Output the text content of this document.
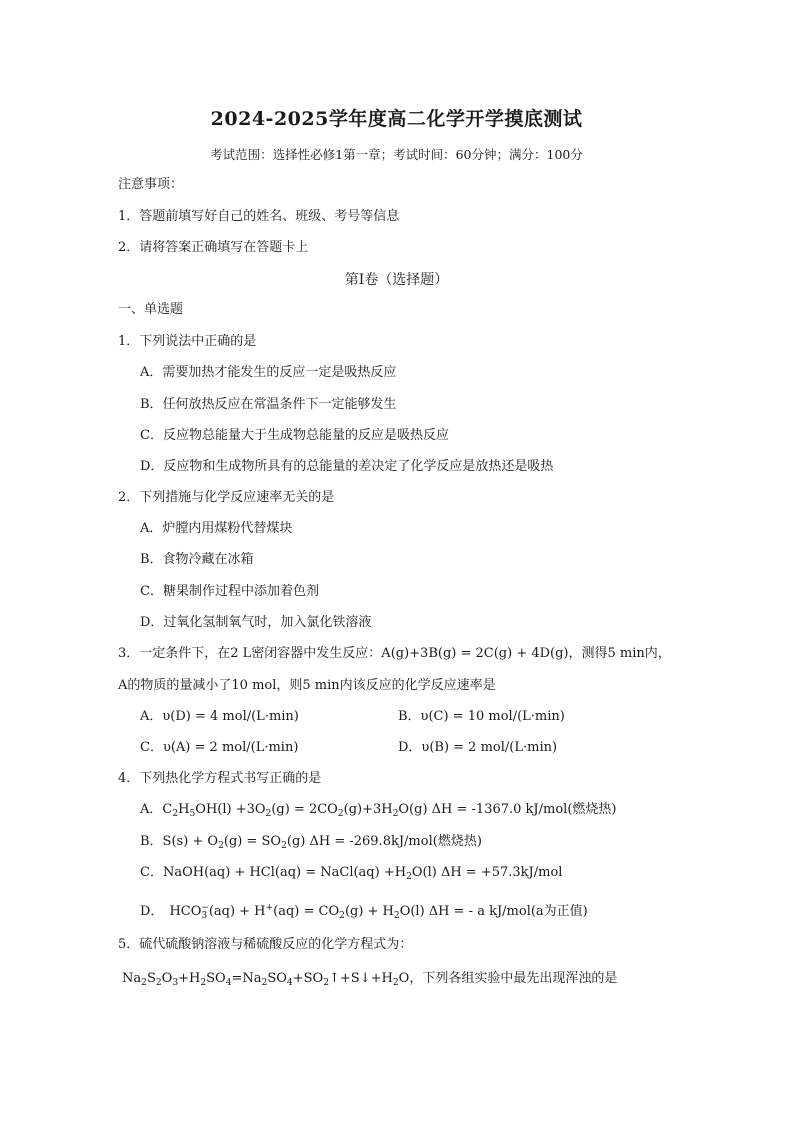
2024-2025学年度高二化学开学摸底测试
考试范围：选择性必修1第一章；考试时间：60分钟；满分：100分
注意事项：
1．答题前填写好自己的姓名、班级、考号等信息
2．请将答案正确填写在答题卡上
第I卷（选择题）
一、单选题
1．下列说法中正确的是
A．需要加热才能发生的反应一定是吸热反应
B．任何放热反应在常温条件下一定能够发生
C．反应物总能量大于生成物总能量的反应是吸热反应
D．反应物和生成物所具有的总能量的差决定了化学反应是放热还是吸热
2．下列措施与化学反应速率无关的是
A．炉膛内用煤粉代替煤块
B．食物冷藏在冰箱
C．糖果制作过程中添加着色剂
D．过氧化氢制氧气时，加入氯化铁溶液
3．一定条件下，在2 L密闭容器中发生反应：A(g)+3B(g) = 2C(g) + 4D(g)，测得5 min内，
A的物质的量减小了10 mol，则5 min内该反应的化学反应速率是
A．υ(D) = 4 mol/(L·min)	B．υ(C) = 10 mol/(L·min)
C．υ(A) = 2 mol/(L·min)	D．υ(B) = 2 mol/(L·min)
4．下列热化学方程式书写正确的是
A．$C_2H_5OH(l) +3O_2(g) = 2CO_2(g)+3H_2O(g) \Delta H = -1367.0$ kJ/mol(燃烧热)
B．$S(s) + O_2(g) = SO_2(g) \Delta H = -269.8kJ/mol$(燃烧热)
C．NaOH(aq) + HCl(aq) = NaCl(aq) $+H_2O(l) \Delta H = +57.3kJ/mol$
D． $HCO_3^-(aq) + H^+(aq) = CO_2(g) + H_2O(l) \Delta H$ = - a kJ/mol(a为正值)
5．硫代硫酸钠溶液与稀硫酸反应的化学方程式为：
$Na_2S_2O_3+H_2SO_4=Na_2SO_4+SO_2↑+S↓+H_2O$，下列各组实验中最先出现浑浊的是
